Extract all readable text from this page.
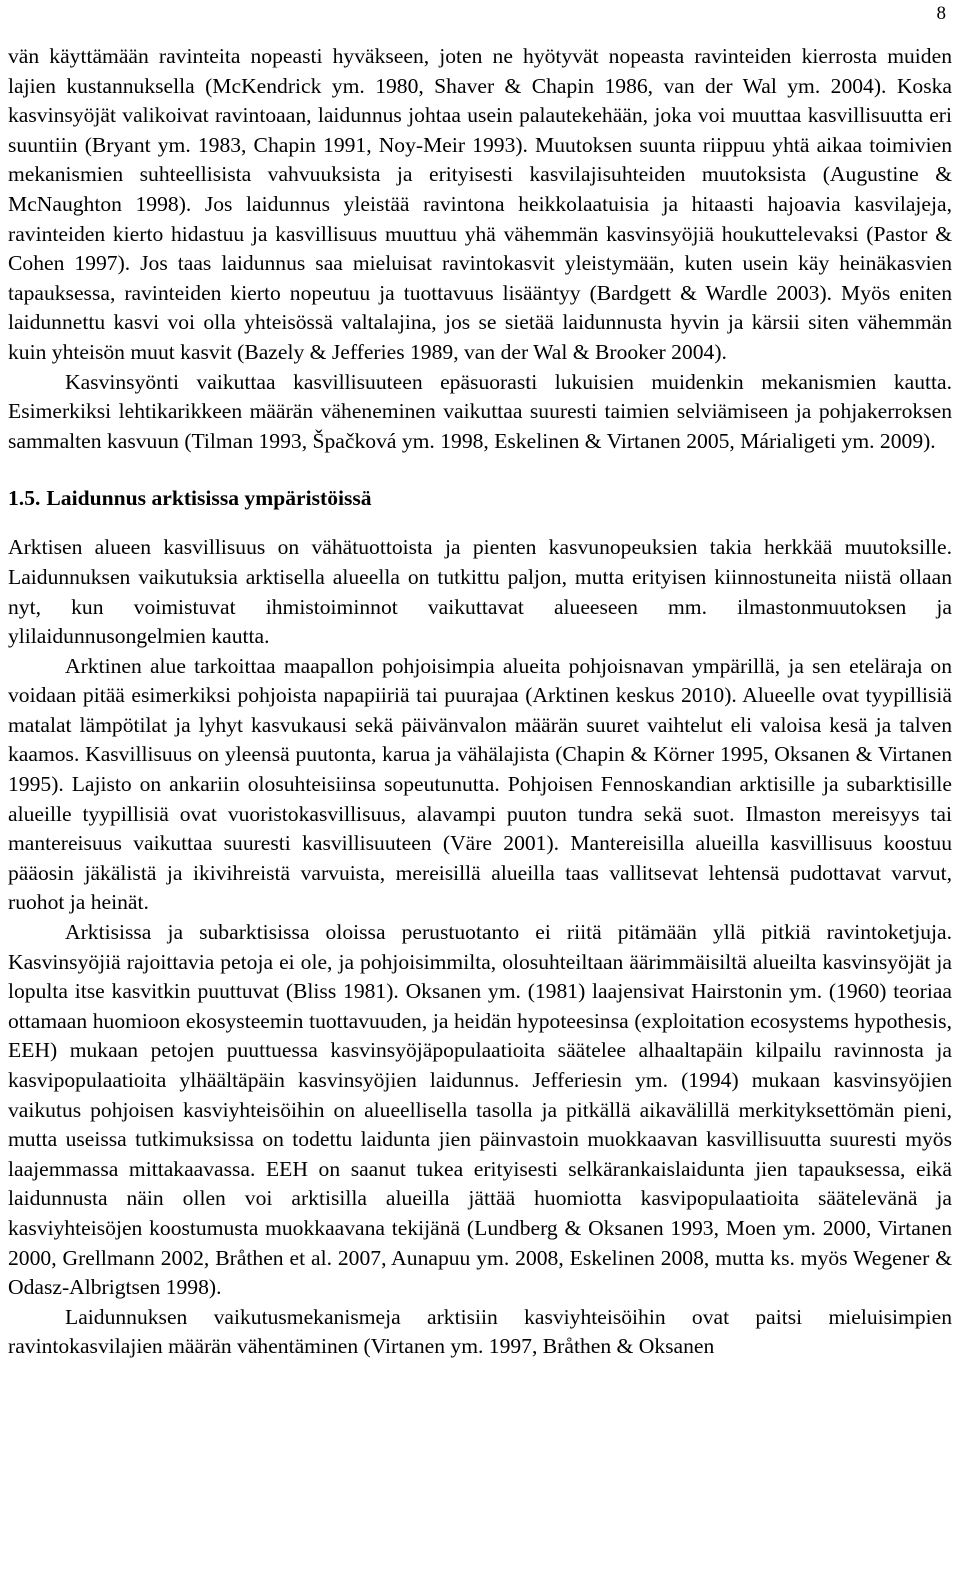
8

vän käyttämään ravinteita nopeasti hyväkseen, joten ne hyötyvät nopeasta ravinteiden kierrosta muiden lajien kustannuksella (McKendrick ym. 1980, Shaver & Chapin 1986, van der Wal ym. 2004). Koska kasvinsyöjät valikoivat ravintoaan, laidunnus johtaa usein palautekehään, joka voi muuttaa kasvillisuutta eri suuntiin (Bryant ym. 1983, Chapin 1991, Noy-Meir 1993). Muutoksen suunta riippuu yhtä aikaa toimivien mekanismien suhteellisista vahvuuksista ja erityisesti kasvilajisuhteiden muutoksista (Augustine & McNaughton 1998). Jos laidunnus yleistää ravintona heikkolaatuisia ja hitaasti hajoavia kasvilajeja, ravinteiden kierto hidastuu ja kasvillisuus muuttuu yhä vähemmän kasvinsyöjiä houkuttelevaksi (Pastor & Cohen 1997). Jos taas laidunnus saa mieluisat ravintokasvit yleistymään, kuten usein käy heinäkasvien tapauksessa, ravinteiden kierto nopeutuu ja tuottavuus lisääntyy (Bardgett & Wardle 2003). Myös eniten laidunnettu kasvi voi olla yhteisössä valtalajina, jos se sietää laidunnusta hyvin ja kärsii siten vähemmän kuin yhteisön muut kasvit (Bazely & Jefferies 1989, van der Wal & Brooker 2004).

Kasvinsyönti vaikuttaa kasvillisuuteen epäsuorasti lukuisien muidenkin mekanismien kautta. Esimerkiksi lehtikarikkeen määrän väheneminen vaikuttaa suuresti taimien selviämiseen ja pohjakerroksen sammalten kasvuun (Tilman 1993, Špačková ym. 1998, Eskelinen & Virtanen 2005, Márialigeti ym. 2009).

1.5. Laidunnus arktisissa ympäristöissä

Arktisen alueen kasvillisuus on vähätuottoista ja pienten kasvunopeuksien takia herkkää muutoksille. Laidunnuksen vaikutuksia arktisella alueella on tutkittu paljon, mutta erityisen kiinnostuneita niistä ollaan nyt, kun voimistuvat ihmistoiminnot vaikuttavat alueeseen mm. ilmastonmuutoksen ja ylilaidunnusongelmien kautta.

Arktinen alue tarkoittaa maapallon pohjoisimpia alueita pohjoisnavan ympärillä, ja sen eteläraja on voidaan pitää esimerkiksi pohjoista napapiiriä tai puurajaa (Arktinen keskus 2010). Alueelle ovat tyypillisiä matalat lämpötilat ja lyhyt kasvukausi sekä päivänvalon määrän suuret vaihtelut eli valoisa kesä ja talven kaamos. Kasvillisuus on yleensä puutonta, karua ja vähälajista (Chapin & Körner 1995, Oksanen & Virtanen 1995). Lajisto on ankariin olosuhteisiinsa sopeutunutta. Pohjoisen Fennoskandian arktisille ja subarktisille alueille tyypillisiä ovat vuoristokasvillisuus, alavampi puuton tundra sekä suot. Ilmaston mereisyys tai mantereisuus vaikuttaa suuresti kasvillisuuteen (Väre 2001). Mantereisilla alueilla kasvillisuus koostuu pääosin jäkälistä ja ikivihreistä varvuista, mereisillä alueilla taas vallitsevat lehtensä pudottavat varvut, ruohot ja heinät.

Arktisissa ja subarktisissa oloissa perustuotanto ei riitä pitämään yllä pitkiä ravintoketjuja. Kasvinsyöjiä rajoittavia petoja ei ole, ja pohjoisimmilta, olosuhteiltaan äärimmäisiltä alueilta kasvinsyöjät ja lopulta itse kasvitkin puuttuvat (Bliss 1981). Oksanen ym. (1981) laajensivat Hairstonin ym. (1960) teoriaa ottamaan huomioon ekosysteemin tuottavuuden, ja heidän hypoteesinsa (exploitation ecosystems hypothesis, EEH) mukaan petojen puuttuessa kasvinsyöjäpopulaatioita säätelee alhaaltapäin kilpailu ravinnosta ja kasvipopulaatioita ylhäältäpäin kasvinsyöjien laidunnus. Jefferiesin ym. (1994) mukaan kasvinsyöjien vaikutus pohjoisen kasviyhteisöihin on alueellisella tasolla ja pitkällä aikavälillä merkityksettömän pieni, mutta useissa tutkimuksissa on todettu laidunta jien päinvastoin muokkaavan kasvillisuutta suuresti myös laajemmassa mittakaavassa. EEH on saanut tukea erityisesti selkärankaislaidunta jien tapauksessa, eikä laidunnusta näin ollen voi arktisilla alueilla jättää huomiotta kasvipopulaatioita säätelevänä ja kasviyhteisöjen koostumusta muokkaavana tekijänä (Lundberg & Oksanen 1993, Moen ym. 2000, Virtanen 2000, Grellmann 2002, Bråthen et al. 2007, Aunapuu ym. 2008, Eskelinen 2008, mutta ks. myös Wegener & Odasz-Albrigtsen 1998).

Laidunnuksen vaikutusmekanismeja arktisiin kasviyhteisöihin ovat paitsi mieluisimpien ravintokasvilajien määrän vähentäminen (Virtanen ym. 1997, Bråthen & Oksanen
